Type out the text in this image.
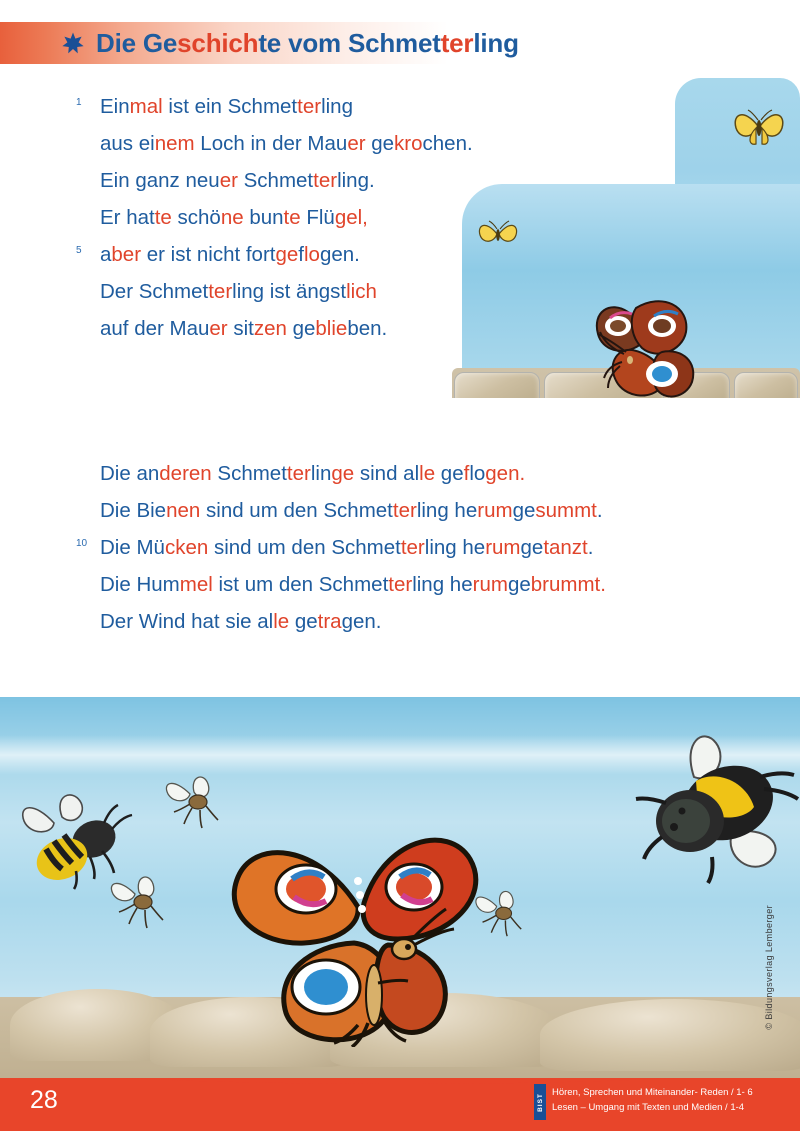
Die Geschichte vom Schmetterling
1 Einmal ist ein Schmetterling
aus einem Loch in der Mauer gekrochen.
Ein ganz neuer Schmetterling.
Er hatte schöne bunte Flügel,
5 aber er ist nicht fortgeflogen.
Der Schmetterling ist ängstlich
auf der Mauer sitzen geblieben.
Die anderen Schmetterlinge sind alle geflogen.
Die Bienen sind um den Schmetterling herumgesummt.
10 Die Mücken sind um den Schmetterling herumgetanzt.
Die Hummel ist um den Schmetterling herumgebrummt.
Der Wind hat sie alle getragen.
© Bildungsverlag Lemberger
28	BIST
Hören, Sprechen und Miteinander- Reden / 1- 6
Lesen – Umgang mit Texten und Medien / 1-4
